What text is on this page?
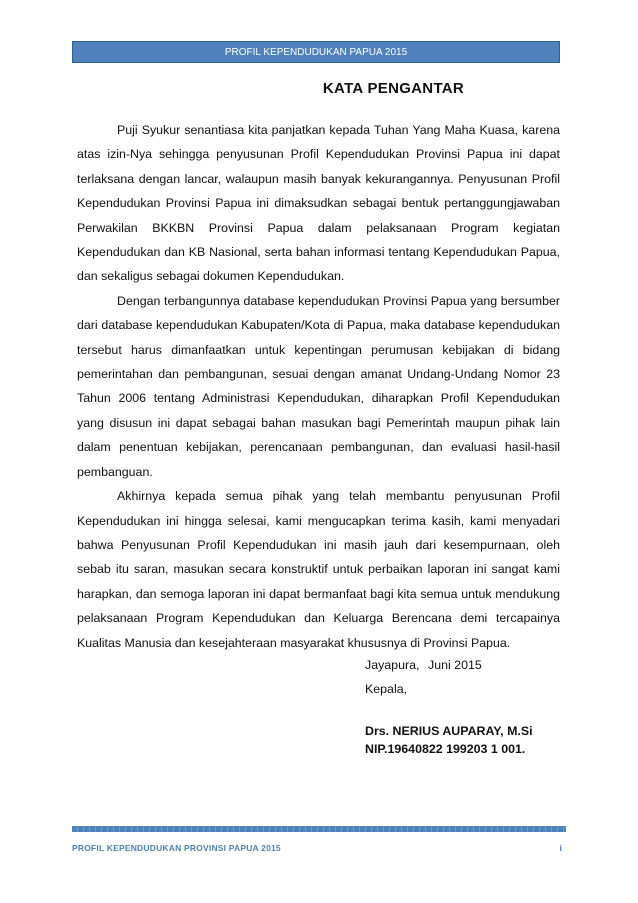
PROFIL KEPENDUDUKAN PAPUA 2015
KATA PENGANTAR

Puji Syukur senantiasa kita panjatkan kepada Tuhan Yang Maha Kuasa, karena atas izin-Nya sehingga penyusunan Profil Kependudukan Provinsi Papua ini dapat terlaksana dengan lancar, walaupun masih banyak kekurangannya. Penyusunan Profil Kependudukan Provinsi Papua ini dimaksudkan sebagai bentuk pertanggungjawaban Perwakilan BKKBN Provinsi Papua dalam pelaksanaan Program kegiatan Kependudukan dan KB Nasional, serta bahan informasi tentang Kependudukan Papua, dan sekaligus sebagai dokumen Kependudukan.

Dengan terbangunnya database kependudukan Provinsi Papua yang bersumber dari database kependudukan Kabupaten/Kota di Papua, maka database kependudukan tersebut harus dimanfaatkan untuk kepentingan perumusan kebijakan di bidang pemerintahan dan pembangunan, sesuai dengan amanat Undang-Undang Nomor 23 Tahun 2006 tentang Administrasi Kependudukan, diharapkan Profil Kependudukan yang disusun ini dapat sebagai bahan masukan bagi Pemerintah maupun pihak lain dalam penentuan kebijakan, perencanaan pembangunan, dan evaluasi hasil-hasil pembanguan.

Akhirnya kepada semua pihak yang telah membantu penyusunan Profil Kependudukan ini hingga selesai, kami mengucapkan terima kasih, kami menyadari bahwa Penyusunan Profil Kependudukan ini masih jauh dari kesempurnaan, oleh sebab itu saran, masukan secara konstruktif untuk perbaikan laporan ini sangat kami harapkan, dan semoga laporan ini dapat bermanfaat bagi kita semua untuk mendukung pelaksanaan Program Kependudukan dan Keluarga Berencana demi tercapainya Kualitas Manusia dan kesejahteraan masyarakat khususnya di Provinsi Papua.

Jayapura, Juni 2015
Kepala,
Drs. NERIUS AUPARAY, M.Si
NIP.19640822 199203 1 001.
PROFIL KEPENDUDUKAN PROVINSI PAPUA 2015	i
